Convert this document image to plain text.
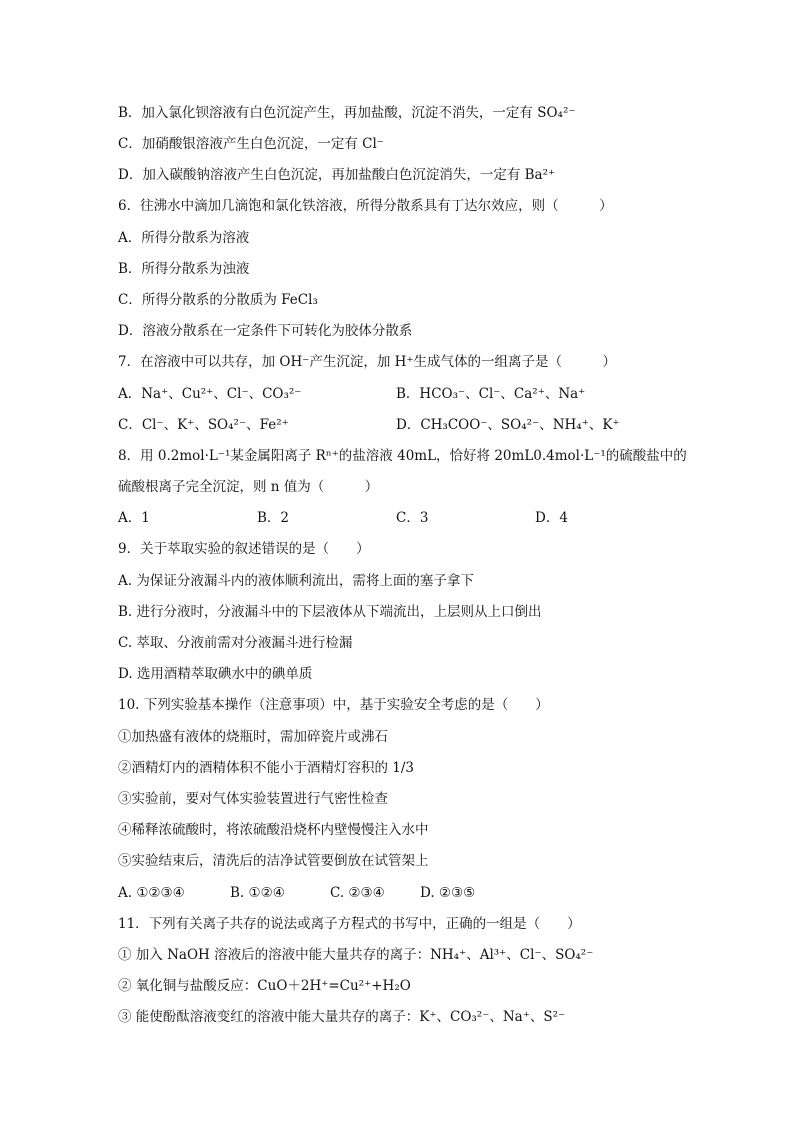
B．加入氯化钡溶液有白色沉淀产生，再加盐酸，沉淀不消失，一定有 SO₄²⁻
C．加硝酸银溶液产生白色沉淀，一定有 Cl⁻
D．加入碳酸钠溶液产生白色沉淀，再加盐酸白色沉淀消失，一定有 Ba²⁺
6．往沸水中滴加几滴饱和氯化铁溶液，所得分散系具有丁达尔效应，则（　　　）
A．所得分散系为溶液
B．所得分散系为浊液
C．所得分散系的分散质为 FeCl₃
D．溶液分散系在一定条件下可转化为胶体分散系
7．在溶液中可以共存，加 OH⁻产生沉淀，加 H⁺生成气体的一组离子是（　　　）
A．Na⁺、Cu²⁺、Cl⁻、CO₃²⁻	B．HCO₃⁻、Cl⁻、Ca²⁺、Na⁺
C．Cl⁻、K⁺、SO₄²⁻、Fe²⁺	D．CH₃COO⁻、SO₄²⁻、NH₄⁺、K⁺
8．用 0.2mol·L⁻¹某金属阳离子 Rⁿ⁺的盐溶液 40mL，恰好将 20mL0.4mol·L⁻¹的硫酸盐中的
硫酸根离子完全沉淀，则 n 值为（　　　）
A．1	B．2	C．3	D．4
9．关于萃取实验的叙述错误的是（　　）
A. 为保证分液漏斗内的液体顺利流出，需将上面的塞子拿下
B. 进行分液时，分液漏斗中的下层液体从下端流出，上层则从上口倒出
C. 萃取、分液前需对分液漏斗进行检漏
D. 选用酒精萃取碘水中的碘单质
10. 下列实验基本操作（注意事项）中，基于实验安全考虑的是（　　）
①加热盛有液体的烧瓶时，需加碎瓷片或沸石
②酒精灯内的酒精体积不能小于酒精灯容积的 1/3
③实验前，要对气体实验装置进行气密性检查
④稀释浓硫酸时，将浓硫酸沿烧杯内壁慢慢注入水中
⑤实验结束后，清洗后的洁净试管要倒放在试管架上
A. ①②③④	B. ①②④	C. ②③④	D. ②③⑤
11．下列有关离子共存的说法或离子方程式的书写中，正确的一组是（　　）
① 加入 NaOH 溶液后的溶液中能大量共存的离子：NH₄⁺、Al³⁺、Cl⁻、SO₄²⁻
② 氧化铜与盐酸反应：CuO＋2H⁺=Cu²⁺+H₂O
③ 能使酚酞溶液变红的溶液中能大量共存的离子：K⁺、CO₃²⁻、Na⁺、S²⁻
